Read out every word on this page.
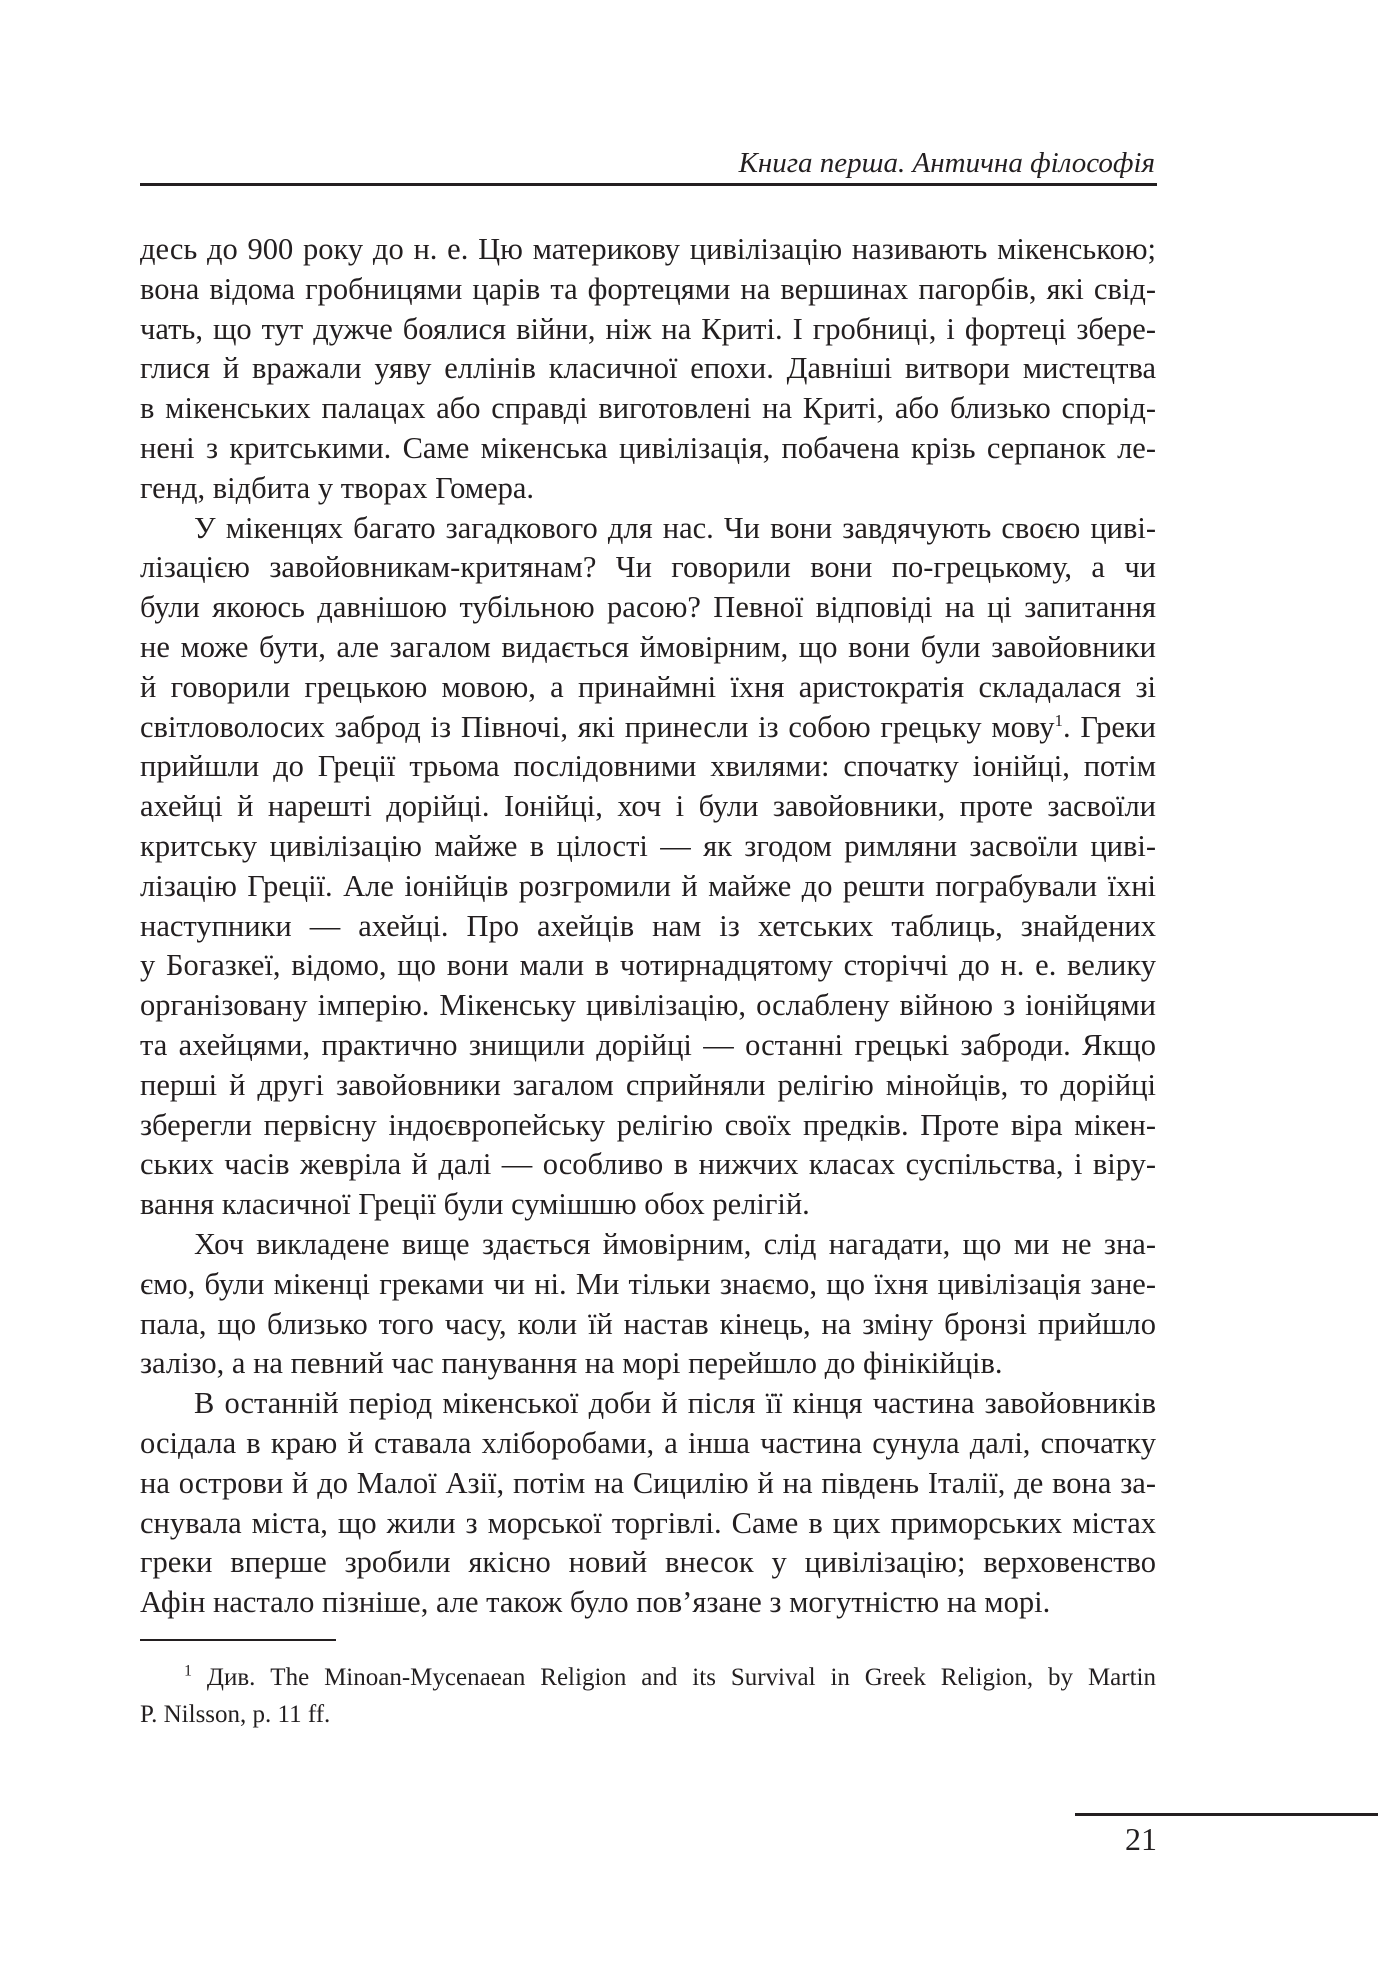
Книга перша. Антична філософія
десь до 900 року до н. е. Цю материкову цивілізацію називають мікенською;
вона відома гробницями царів та фортецями на вершинах пагорбів, які свід-
чать, що тут дужче боялися війни, ніж на Криті. І гробниці, і фортеці збере-
глися й вражали уяву еллінів класичної епохи. Давніші витвори мистецтва
в мікенських палацах або справді виготовлені на Криті, або близько спорід-
нені з критськими. Саме мікенська цивілізація, побачена крізь серпанок ле-
генд, відбита у творах Гомера.
У мікенцях багато загадкового для нас. Чи вони завдячують своєю циві-
лізацією завойовникам-критянам? Чи говорили вони по-грецькому, а чи
були якоюсь давнішою тубільною расою? Певної відповіді на ці запитання
не може бути, але загалом видається ймовірним, що вони були завойовники
й говорили грецькою мовою, а принаймні їхня аристократія складалася зі
світловолосих заброд із Півночі, які принесли із собою грецьку мову$^1$. Греки
прийшли до Греції трьома послідовними хвилями: спочатку іонійці, потім
ахейці й нарешті дорійці. Іонійці, хоч і були завойовники, проте засвоїли
критську цивілізацію майже в цілості — як згодом римляни засвоїли циві-
лізацію Греції. Але іонійців розгромили й майже до решти пограбували їхні
наступники — ахейці. Про ахейців нам із хетських таблиць, знайдених
у Богазкеї, відомо, що вони мали в чотирнадцятому сторіччі до н. е. велику
організовану імперію. Мікенську цивілізацію, ослаблену війною з іонійцями
та ахейцями, практично знищили дорійці — останні грецькі заброди. Якщо
перші й другі завойовники загалом сприйняли релігію мінойців, то дорійці
зберегли первісну індоєвропейську релігію своїх предків. Проте віра мікен-
ських часів жевріла й далі — особливо в нижчих класах суспільства, і віру-
вання класичної Греції були сумішшю обох релігій.
Хоч викладене вище здається ймовірним, слід нагадати, що ми не зна-
ємо, були мікенці греками чи ні. Ми тільки знаємо, що їхня цивілізація зане-
пала, що близько того часу, коли їй настав кінець, на зміну бронзі прийшло
залізо, а на певний час панування на морі перейшло до фінікійців.
В останній період мікенської доби й після її кінця частина завойовників
осідала в краю й ставала хліборобами, а інша частина сунула далі, спочатку
на острови й до Малої Азії, потім на Сицилію й на південь Італії, де вона за-
снувала міста, що жили з морської торгівлі. Саме в цих приморських містах
греки вперше зробили якісно новий внесок у цивілізацію; верховенство
Афін настало пізніше, але також було пов’язане з могутністю на морі.
$^1$ Див. The Minoan-Mycenaean Religion and its Survival in Greek Religion, by Martin
P. Nilsson, p. 11 ff.
21
